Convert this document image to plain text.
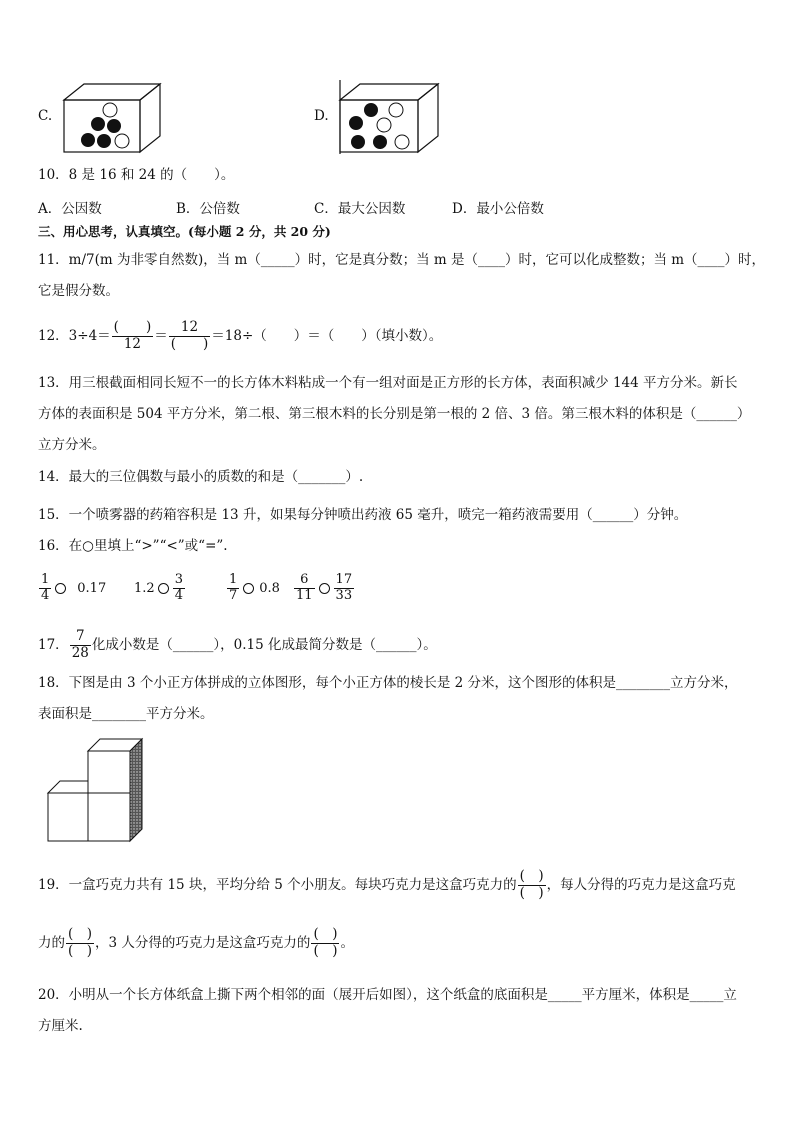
C.	D.
10．8 是 16 和 24 的（　　）。
A．公因数	B．公倍数	C．最大公因数	D．最小公倍数
三、用心思考，认真填空。(每小题 2 分，共 20 分)
11．m/7(m 为非零自然数)，当 m（_____）时，它是真分数；当 m 是（____）时，它可以化成整数；当 m（____）时，
它是假分数。
12．$3\div 4= \frac{( )}{12} = \frac{12}{( )} =18\div$（　　）＝（　　）（填小数）。
13．用三根截面相同长短不一的长方体木料粘成一个有一组对面是正方形的长方体，表面积减少 144 平方分米。新长
方体的表面积是 504 平方分米，第二根、第三根木料的长分别是第一根的 2 倍、3 倍。第三根木料的体积是（______）
立方分米。
14．最大的三位偶数与最小的质数的和是（_______）.
15．一个喷雾器的药箱容积是 13 升，如果每分钟喷出药液 65 毫升，喷完一箱药液需要用（______）分钟。
16．在○里填上“>”“<”或“=”.
$\frac{1}{4} 0.17$ $1.2 \frac{3}{4}$	$\frac{1}{7} 0.8 \frac{6}{11} \frac{17}{33}$
17． $\frac{7}{28}$ 化成小数是（______），0.15 化成最简分数是（______）。
18．下图是由 3 个小正方体拼成的立体图形，每个小正方体的棱长是 2 分米，这个图形的体积是________立方分米，
表面积是________平方分米。
19．一盒巧克力共有 15 块，平均分给 5 个小朋友。每块巧克力是这盒巧克力的 $\frac{( )}{( )}$ ，每人分得的巧克力是这盒巧克
力的 $\frac{( )}{( )}$ ，3 人分得的巧克力是这盒巧克力的 $\frac{( )}{( )}$ 。
20．小明从一个长方体纸盒上撕下两个相邻的面（展开后如图），这个纸盒的底面积是_____平方厘米，体积是_____立
方厘米.
